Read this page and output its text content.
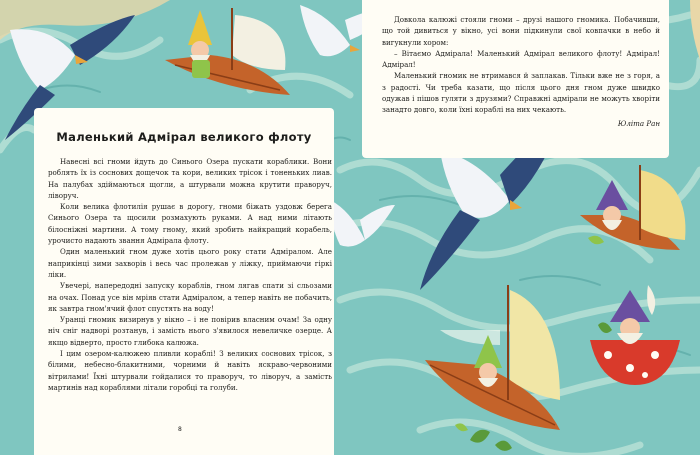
Маленький Адмірал великого флоту

Навесні всі гноми йдуть до Синього Озера пускати кораблики. Вони роблять їх із соснових дощечок та кори, великих трісок і тоненьких лиав. На палубах здіймаються щогли, а штурвали можна крутити праворуч, ліворуч.

Коли велика флотилія рушає в дорогу, гноми біжать уздовж берега Синього Озера та щосили розмахують руками. А над ними літають білосніжні мартини. А тому гному, який зробить найкращий корабель, урочисто надають звання Адмірала флоту.

Один маленький гном дуже хотів цього року стати Адміралом. Але наприкінці зими захворів і весь час пролежав у ліжку, приймаючи гіркі ліки.

Увечері, напередодні запуску кораблів, гном лягав спати зі сльозами на очах. Понад усе він мріяв стати Адміралом, а тепер навіть не побачить, як завтра гном'ячий флот спустять на воду!

Уранці гномик визирнув у вікно – і не повірив власним очам! За одну ніч сніг надворі розтанув, і замість нього з'явилося невеличке озерце. А якщо відверто, просто глибока калюжа.

І цим озером-калюжею пливли кораблі! З великих соснових трісок, з білими, небесно-блакитними, чорними й навіть яскраво-червоними вітрилами! Їхні штурвали гойдалися то праворуч, то ліворуч, а замість мартинів над кораблями літали горобці та голуби.

8

Довкола калюжі стояли гноми – друзі нашого гномика. Побачивши, що той дивиться у вікно, усі вони підкинули свої ковпачки в небо й вигукнули хором:

– Вітаємо Адмірала! Маленький Адмірал великого флоту! Адмірал! Адмірал!

Маленький гномик не втримався й заплакав. Тільки вже не з горя, а з радості. Чи треба казати, що після цього дня гном дуже швидко одужав і пішов гуляти з друзями? Справжні адмірали не можуть хворіти занадто довго, коли їхні кораблі на них чекають.

Юліта Ран
